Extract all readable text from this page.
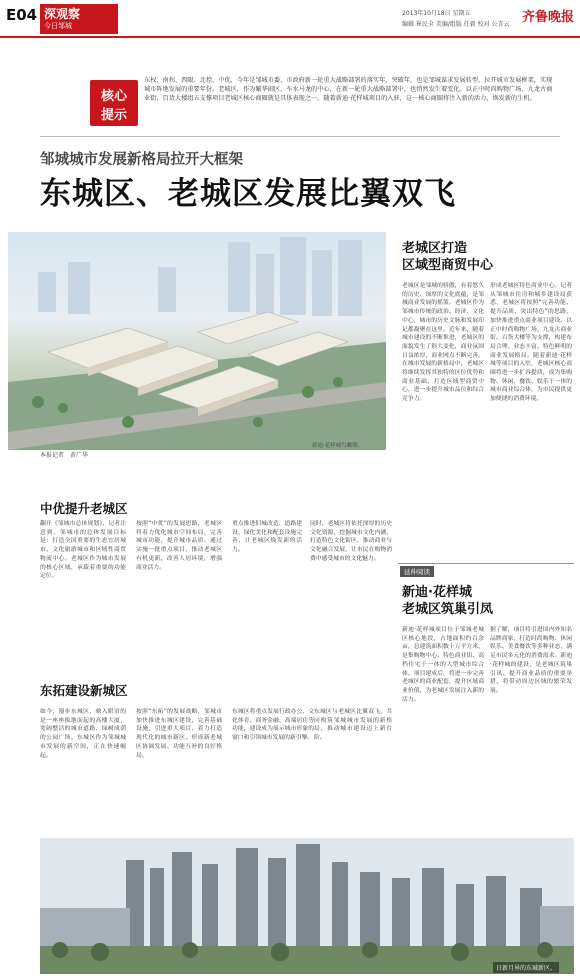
E04 深观察
今日邹城
2013年10月18日 星期五
编辑 崔民全 美编/组版 任毅 校对 公青云 齐鲁晚报
核心
提示
东权、南拐、西限、北控、中优，今年是邹城市委、市政府新一轮重大战略部署的落实年，突破年，也是邹城谋求发展转型、拉开城市发展框架，实现城市阵地发展的重要年份。老城区，作为繁华闹区，车水马龙的中心，在新一轮重大战略部署中，也悄然发生着变化。以正中时尚购物广场、九龙古商业街，百货大楼组五支撑项目老城区核心商圈就是具体表现之一。随着新迪·花样城项目的入驻，这一核心商圈将注入新的活力，焕发新的生机。
邹城城市发展新格局拉开大框架
东城区、老城区发展比翼双飞
新迪·花样城鸟瞰图。
本报记者　黄广华
老城区打造
区域型商贸中心
老城区是邹城的骄傲，有着悠久的历史、深厚的文化底蕴，是邹城商业发展的摇篮。老城区作为邹城市传统的政治、经济、文化中心，城市的历史文脉和发展印记都凝聚在这里。近年来，随着城市建设的不断推进，老城区的面貌发生了很大变化，商业氛围日益浓厚，商业网点不断完善。在城市发展的新格局中，老城区将继续发挥其独特的区位优势和商业基础，打造区域型商贸中心，进一步提升城市品位和综合竞争力。
形成老城区特色商业中心。记者从邹城市住房和城乡建设局获悉，老城区将按照“完善功能、提升品质、突出特色”的思路，加快推进重点商业项目建设，以正中时尚购物广场、九龙古商业街、百货大楼等为支撑，构建布局合理、业态丰富、特色鲜明的商业发展格局。随着新迪·花样城等项目的入驻，老城区核心商圈将进一步扩容提质，成为集购物、休闲、餐饮、娱乐于一体的城市商业综合体，为市民提供更加便捷的消费环境。
中优提升老城区
翻开《邹城市总体规划》，记者注意到，邹城市的总体发展目标是：打造全国重要的生态宜居城市、文化旅游城市和区域性商贸物流中心。老城区作为城市发展的核心区域，承载着重要的功能定位。
按照“中优”的发展思路，老城区将着力优化城市空间布局，完善城市功能，提升城市品质。通过实施一批重点项目，推动老城区有机更新，改善人居环境，增强商业活力。
重点推进旧城改造、道路建设、绿化美化和配套设施完善，让老城区焕发新的活力。
同时，老城区将依托深厚的历史文化资源，挖掘城市文化内涵，打造特色文化街区，推动商业与文化融合发展，让市民在购物消费中感受城市的文化魅力。
东拓建设新城区
如今，漫步东城区，映入眼帘的是一座座拔地而起的高楼大厦，宽阔整洁的城市道路，绿树成荫的公园广场。东城区作为邹城城市发展的新空间，正在快速崛起。
按照“东拓”的发展战略，邹城市加快推进东城区建设，完善基础设施，引进重大项目，着力打造现代化的城市新区，形成新老城区协调发展、功能互补的良好格局。
东城区将重点发展行政办公、文化体育、商务金融、高端居住等功能，建设成为展示城市形象的窗口和引领城市发展的新引擎。
东城区与老城区比翼双飞，共同构筑邹城城市发展的新格局，推动城市建设迈上新台阶。
延伸阅读
新迪·花样城
老城区筑巢引凤
新迪·花样城项目位于邹城老城区核心地段，占地面积约百余亩，总建筑面积数十万平方米，是集购物中心、特色商业街、高档住宅于一体的大型城市综合体。项目建成后，将进一步完善老城区的商业配套，提升区域商业价值，为老城区发展注入新的活力。
据了解，项目将引进国内外知名品牌商家，打造时尚购物、休闲娱乐、美食餐饮等多种业态，满足市民多元化的消费需求。新迪·花样城的建设，是老城区筑巢引凤、提升商业品质的重要举措，将带动周边区域的繁荣发展。
日新月异的东城新区。
